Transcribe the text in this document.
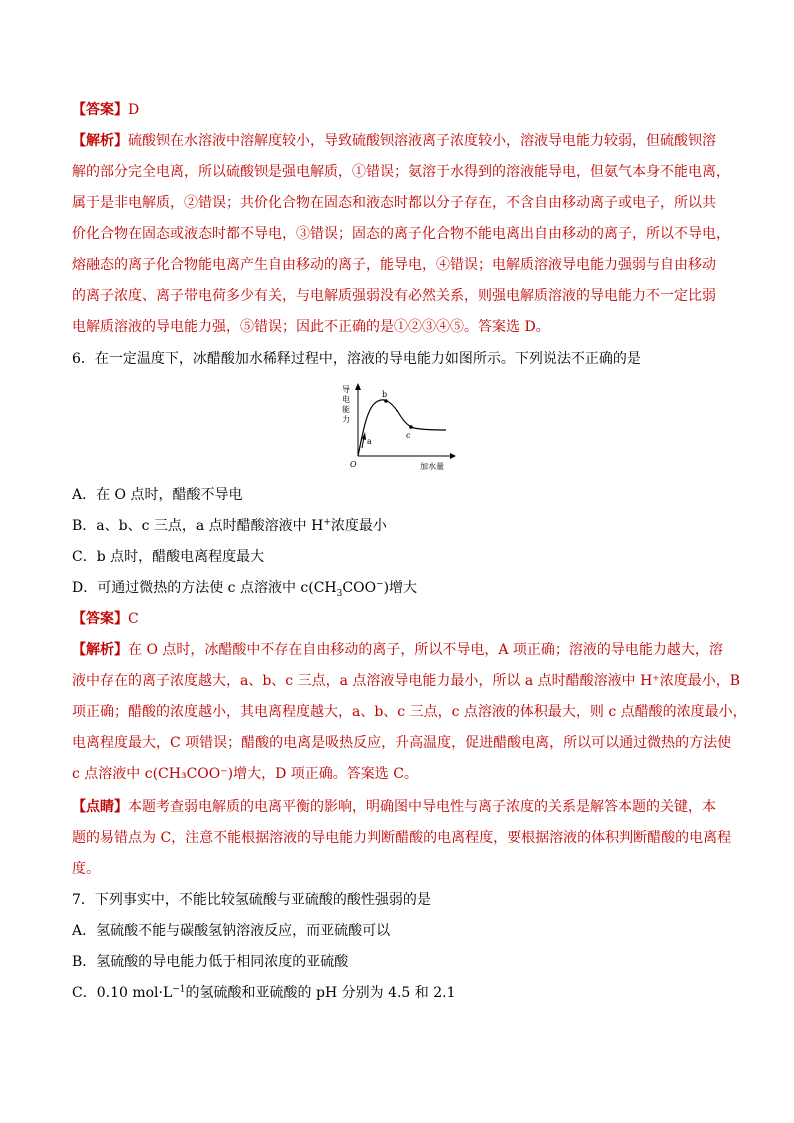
【答案】D
【解析】硫酸钡在水溶液中溶解度较小，导致硫酸钡溶液离子浓度较小，溶液导电能力较弱，但硫酸钡溶
解的部分完全电离，所以硫酸钡是强电解质，①错误；氨溶于水得到的溶液能导电，但氨气本身不能电离，
属于是非电解质，②错误；共价化合物在固态和液态时都以分子存在，不含自由移动离子或电子，所以共
价化合物在固态或液态时都不导电，③错误；固态的离子化合物不能电离出自由移动的离子，所以不导电，
熔融态的离子化合物能电离产生自由移动的离子，能导电，④错误；电解质溶液导电能力强弱与自由移动
的离子浓度、离子带电荷多少有关，与电解质强弱没有必然关系，则强电解质溶液的导电能力不一定比弱
电解质溶液的导电能力强，⑤错误；因此不正确的是①②③④⑤。答案选 D。
6．在一定温度下，冰醋酸加水稀释过程中，溶液的导电能力如图所示。下列说法不正确的是
导
电
能
力
O	加水量
a
b
c
A．在 O 点时，醋酸不导电
B．a、b、c 三点，a 点时醋酸溶液中 H+浓度最小
C．b 点时，醋酸电离程度最大
D．可通过微热的方法使 c 点溶液中 $c(CH_3COO^-)$增大
【答案】C
【解析】在 O 点时，冰醋酸中不存在自由移动的离子，所以不导电，A 项正确；溶液的导电能力越大，溶
液中存在的离子浓度越大，a、b、c 三点，a 点溶液导电能力最小，所以 a 点时醋酸溶液中 H⁺浓度最小，B
项正确；醋酸的浓度越小，其电离程度越大，a、b、c 三点，c 点溶液的体积最大，则 c 点醋酸的浓度最小，
电离程度最大，C 项错误；醋酸的电离是吸热反应，升高温度，促进醋酸电离，所以可以通过微热的方法使
c 点溶液中 c(CH₃COO⁻)增大，D 项正确。答案选 C。
【点睛】本题考查弱电解质的电离平衡的影响，明确图中导电性与离子浓度的关系是解答本题的关键，本
题的易错点为 C，注意不能根据溶液的导电能力判断醋酸的电离程度，要根据溶液的体积判断醋酸的电离程
度。
7．下列事实中，不能比较氢硫酸与亚硫酸的酸性强弱的是
A．氢硫酸不能与碳酸氢钠溶液反应，而亚硫酸可以
B．氢硫酸的导电能力低于相同浓度的亚硫酸
C．0.10 $mol\cdot L^{-1}$的氢硫酸和亚硫酸的 pH 分别为 4.5 和 2.1
